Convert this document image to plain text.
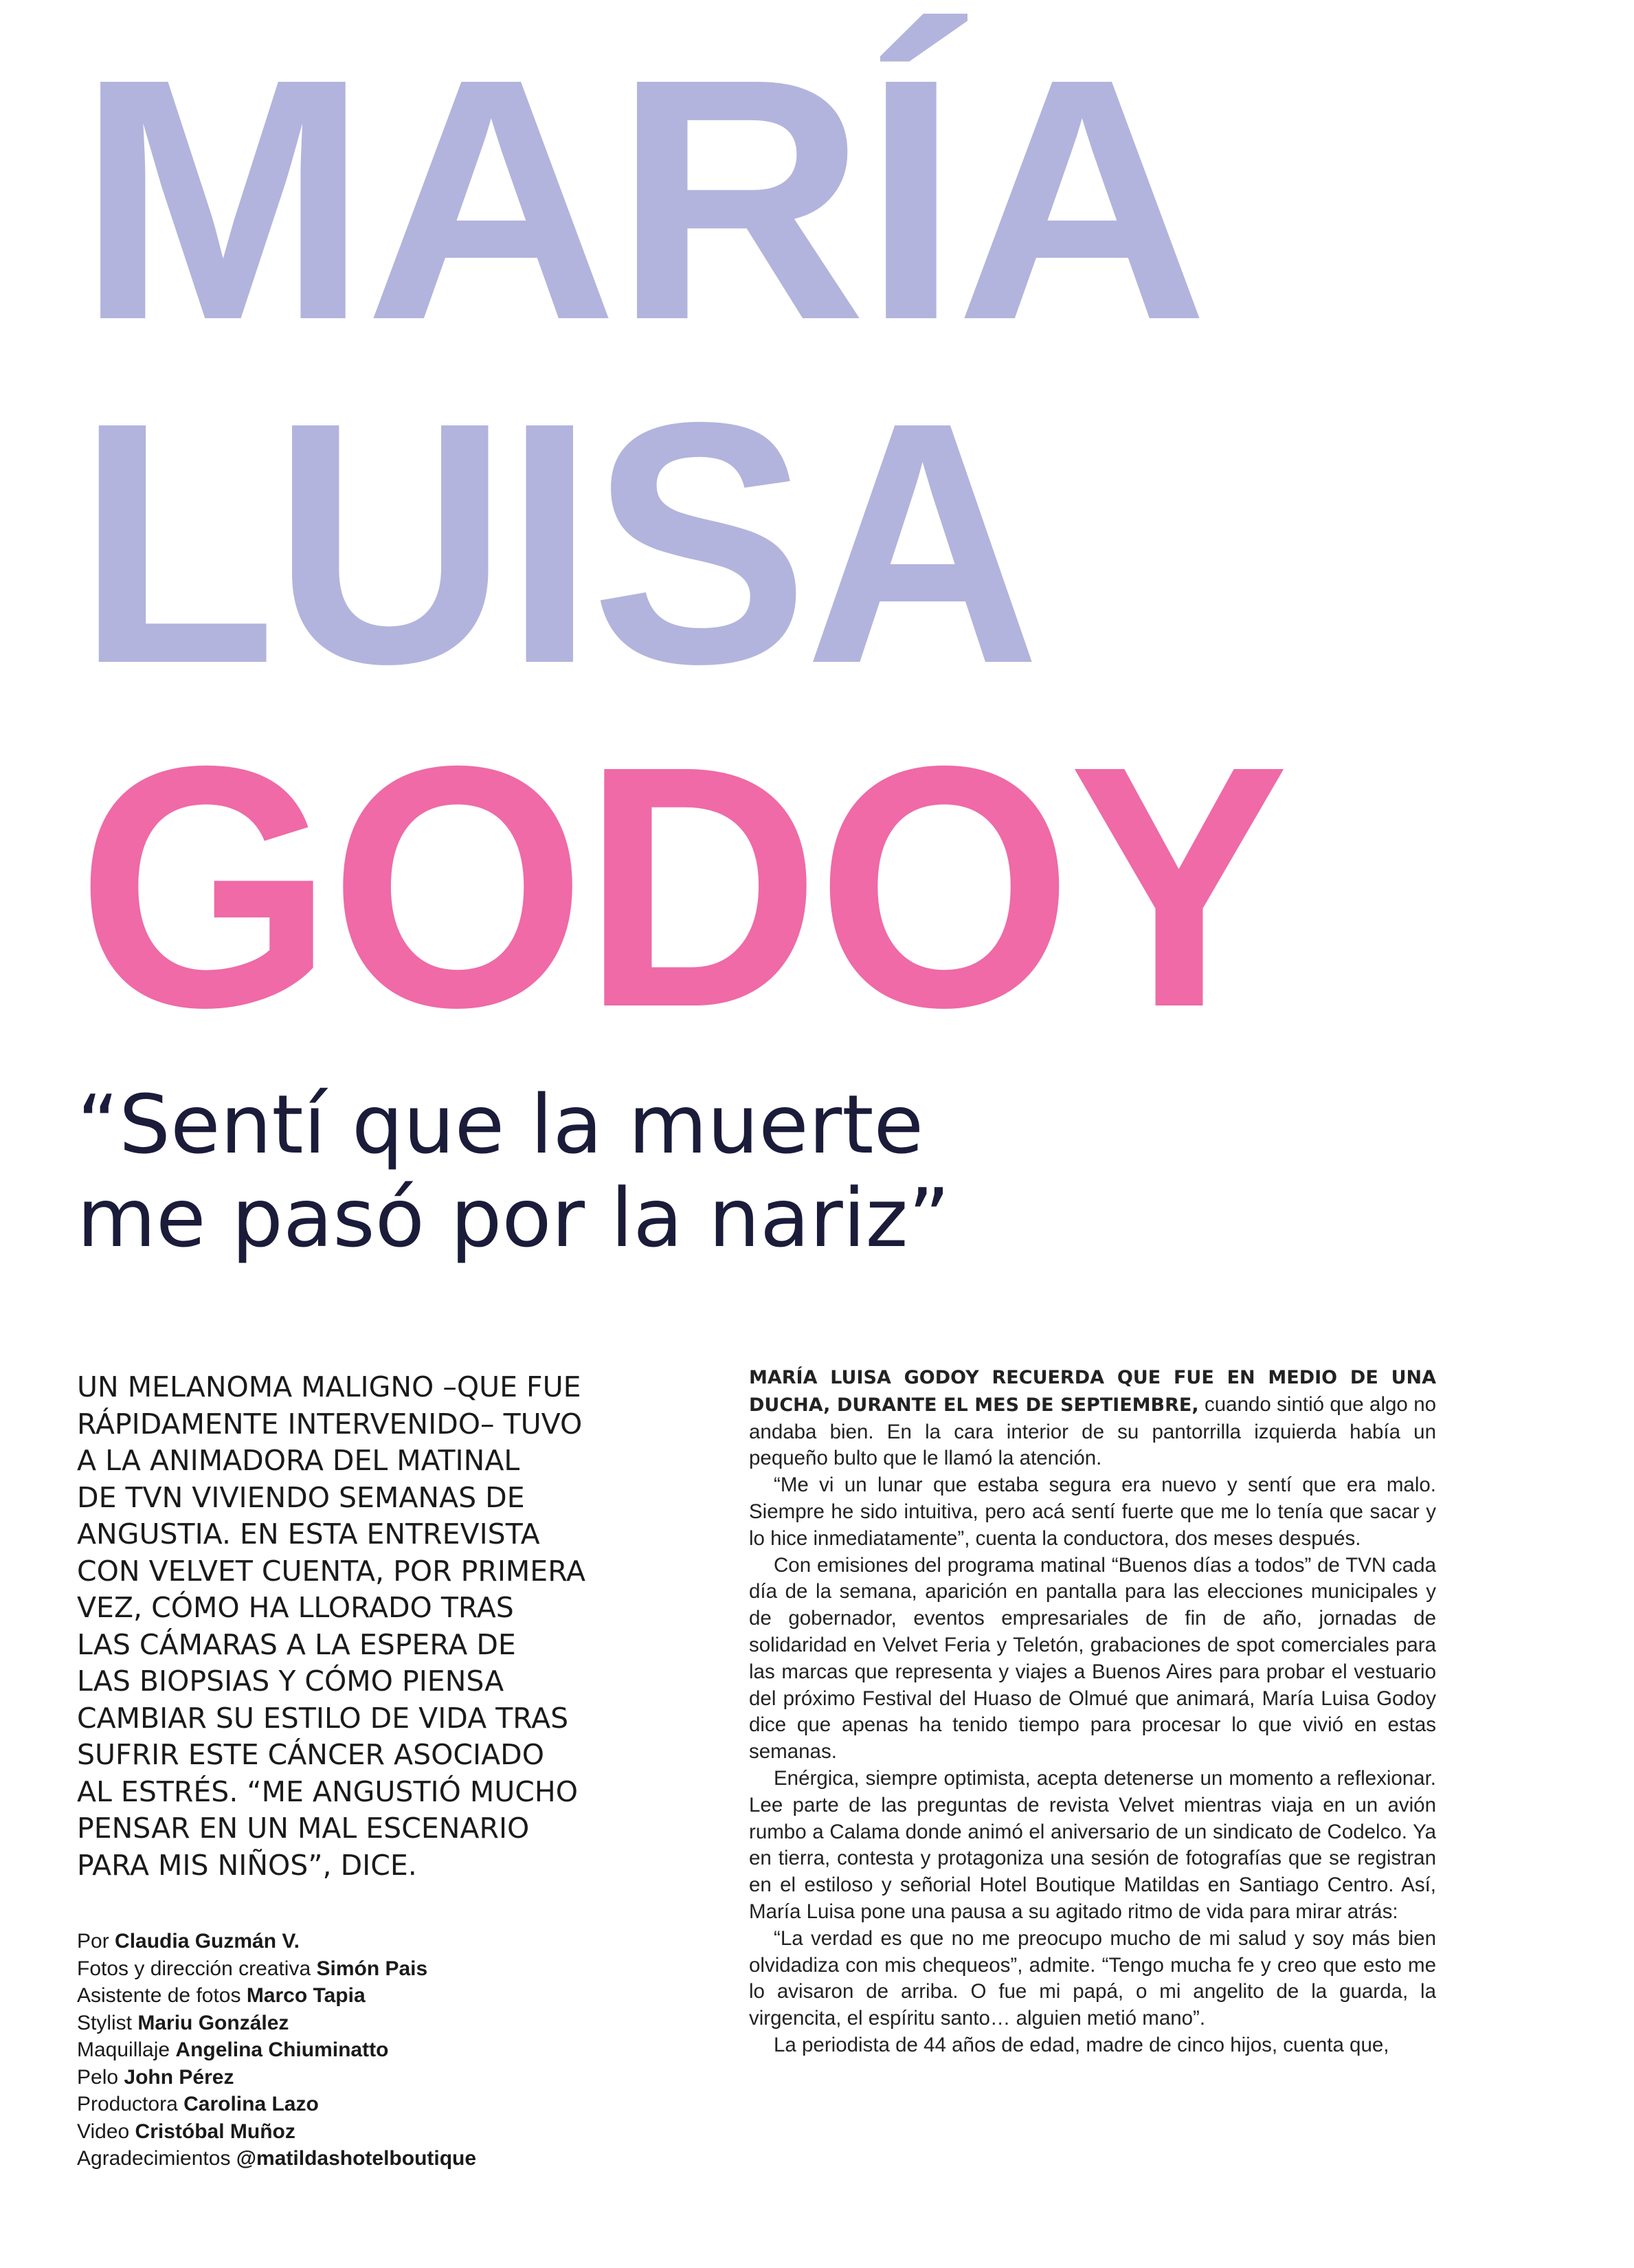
MARÍA
LUISA
GODOY
“Sentí que la muerte
me pasó por la nariz”

UN MELANOMA MALIGNO –QUE FUE
RÁPIDAMENTE INTERVENIDO– TUVO
A LA ANIMADORA DEL MATINAL
DE TVN VIVIENDO SEMANAS DE
ANGUSTIA. EN ESTA ENTREVISTA
CON VELVET CUENTA, POR PRIMERA
VEZ, CÓMO HA LLORADO TRAS
LAS CÁMARAS A LA ESPERA DE
LAS BIOPSIAS Y CÓMO PIENSA
CAMBIAR SU ESTILO DE VIDA TRAS
SUFRIR ESTE CÁNCER ASOCIADO
AL ESTRÉS. “ME ANGUSTIÓ MUCHO
PENSAR EN UN MAL ESCENARIO
PARA MIS NIÑOS”, DICE.

Por Claudia Guzmán V.
Fotos y dirección creativa Simón Pais
Asistente de fotos Marco Tapia
Stylist Mariu González
Maquillaje Angelina Chiuminatto
Pelo John Pérez
Productora Carolina Lazo
Video Cristóbal Muñoz
Agradecimientos @matildashotelboutique

MARÍA LUISA GODOY RECUERDA QUE FUE EN MEDIO DE UNA DUCHA, DURANTE EL MES DE SEPTIEMBRE, cuando sintió que algo no andaba bien. En la cara interior de su pantorrilla izquierda había un pequeño bulto que le llamó la atención.

“Me vi un lunar que estaba segura era nuevo y sentí que era malo. Siempre he sido intuitiva, pero acá sentí fuerte que me lo tenía que sacar y lo hice inmediatamente”, cuenta la conductora, dos meses después.

Con emisiones del programa matinal “Buenos días a todos” de TVN cada día de la semana, aparición en pantalla para las elecciones municipales y de gobernador, eventos empresariales de fin de año, jornadas de solidaridad en Velvet Feria y Teletón, grabaciones de spot comerciales para las marcas que representa y viajes a Buenos Aires para probar el vestuario del próximo Festival del Huaso de Olmué que animará, María Luisa Godoy dice que apenas ha tenido tiempo para procesar lo que vivió en estas semanas.

Enérgica, siempre optimista, acepta detenerse un momento a reflexionar. Lee parte de las preguntas de revista Velvet mientras viaja en un avión rumbo a Calama donde animó el aniversario de un sindicato de Codelco. Ya en tierra, contesta y protagoniza una sesión de fotografías que se registran en el estiloso y señorial Hotel Boutique Matildas en Santiago Centro. Así, María Luisa pone una pausa a su agitado ritmo de vida para mirar atrás:

“La verdad es que no me preocupo mucho de mi salud y soy más bien olvidadiza con mis chequeos”, admite. “Tengo mucha fe y creo que esto me lo avisaron de arriba. O fue mi papá, o mi angelito de la guarda, la virgencita, el espíritu santo… alguien metió mano”.

La periodista de 44 años de edad, madre de cinco hijos, cuenta que,
